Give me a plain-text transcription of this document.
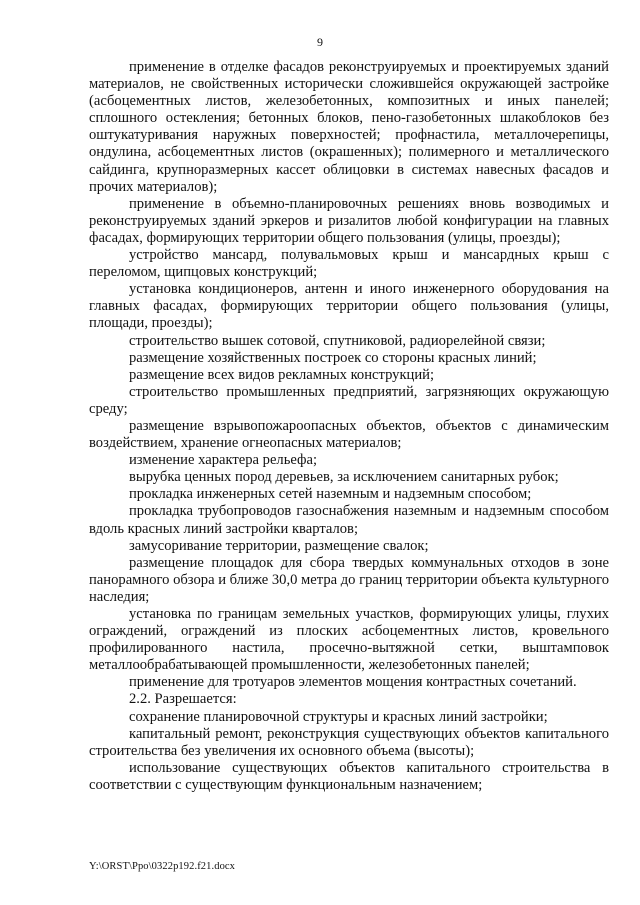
9

применение в отделке фасадов реконструируемых и проектируемых зданий материалов, не свойственных исторически сложившейся окружающей застройке (асбоцементных листов, железобетонных, композитных и иных панелей; сплошного остекления; бетонных блоков, пено-газобетонных шлакоблоков без оштукатуривания наружных поверхностей; профнастила, металлочерепицы, ондулина, асбоцементных листов (окрашенных); полимерного и металлического сайдинга, крупноразмерных кассет облицовки в системах навесных фасадов и прочих материалов);

применение в объемно-планировочных решениях вновь возводимых и реконструируемых зданий эркеров и ризалитов любой конфигурации на главных фасадах, формирующих территории общего пользования (улицы, проезды);

устройство мансард, полувальмовых крыш и мансардных крыш с переломом, щипцовых конструкций;

установка кондиционеров, антенн и иного инженерного оборудования на главных фасадах, формирующих территории общего пользования (улицы, площади, проезды);

строительство вышек сотовой, спутниковой, радиорелейной связи;

размещение хозяйственных построек со стороны красных линий;

размещение всех видов рекламных конструкций;

строительство промышленных предприятий, загрязняющих окружающую среду;

размещение взрывопожароопасных объектов, объектов с динамическим воздействием, хранение огнеопасных материалов;

изменение характера рельефа;

вырубка ценных пород деревьев, за исключением санитарных рубок;

прокладка инженерных сетей наземным и надземным способом;

прокладка трубопроводов газоснабжения наземным и надземным способом вдоль красных линий застройки кварталов;

замусоривание территории, размещение свалок;

размещение площадок для сбора твердых коммунальных отходов в зоне панорамного обзора и ближе 30,0 метра до границ территории объекта культурного наследия;

установка по границам земельных участков, формирующих улицы, глухих ограждений, ограждений из плоских асбоцементных листов, кровельного профилированного настила, просечно-вытяжной сетки, выштамповок металлообрабатывающей промышленности, железобетонных панелей;

применение для тротуаров элементов мощения контрастных сочетаний.

2.2. Разрешается:

сохранение планировочной структуры и красных линий застройки;

капитальный ремонт, реконструкция существующих объектов капитального строительства без увеличения их основного объема (высоты);

использование существующих объектов капитального строительства в соответствии с существующим функциональным назначением;

Y:\ORST\Ppo\0322p192.f21.docx
